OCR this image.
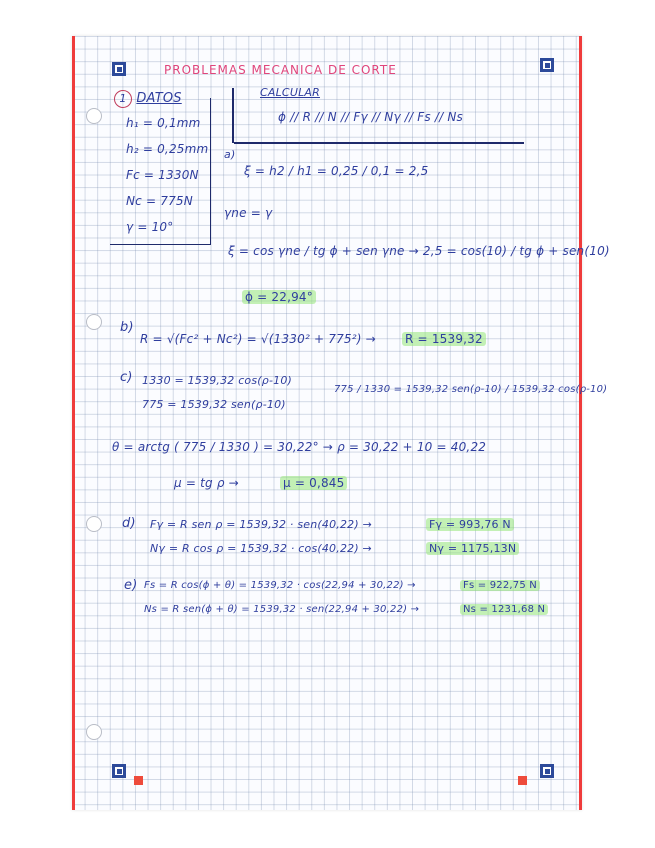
PROBLEMAS MECANICA DE CORTE
1 DATOS
h₁ = 0,1mm
h₂ = 0,25mm
Fc = 1330N
Nc = 775N
γ = 10°
CALCULAR
ϕ // R // N // Fγ // Nγ // Fs // Ns
a)
ξ = h2 / h1 = 0,25 / 0,1 = 2,5
γne = γ
ξ = cos γne / tg ϕ + sen γne → 2,5 = cos(10) / tg ϕ + sen(10)
ϕ = 22,94°
b)
R = √(Fc² + Nc²) = √(1330² + 775²) → R = 1539,32
c) 1330 = 1539,32 cos(ρ-10)
775 = 1539,32 sen(ρ-10)
775 / 1330 = 1539,32 sen(ρ-10) / 1539,32 cos(ρ-10)
θ = arctg ( 775 / 1330 ) = 30,22° → ρ = 30,22 + 10 = 40,22
μ = tg ρ →	μ = 0,845
d) Fγ = R sen ρ = 1539,32 · sen(40,22) →	Fγ = 993,76 N
Nγ = R cos ρ = 1539,32 · cos(40,22) →	Nγ = 1175,13N
e) Fs = R cos(ϕ + θ) = 1539,32 · cos(22,94 + 30,22) →	Fs = 922,75 N
Ns = R sen(ϕ + θ) = 1539,32 · sen(22,94 + 30,22) →	Ns = 1231,68 N
